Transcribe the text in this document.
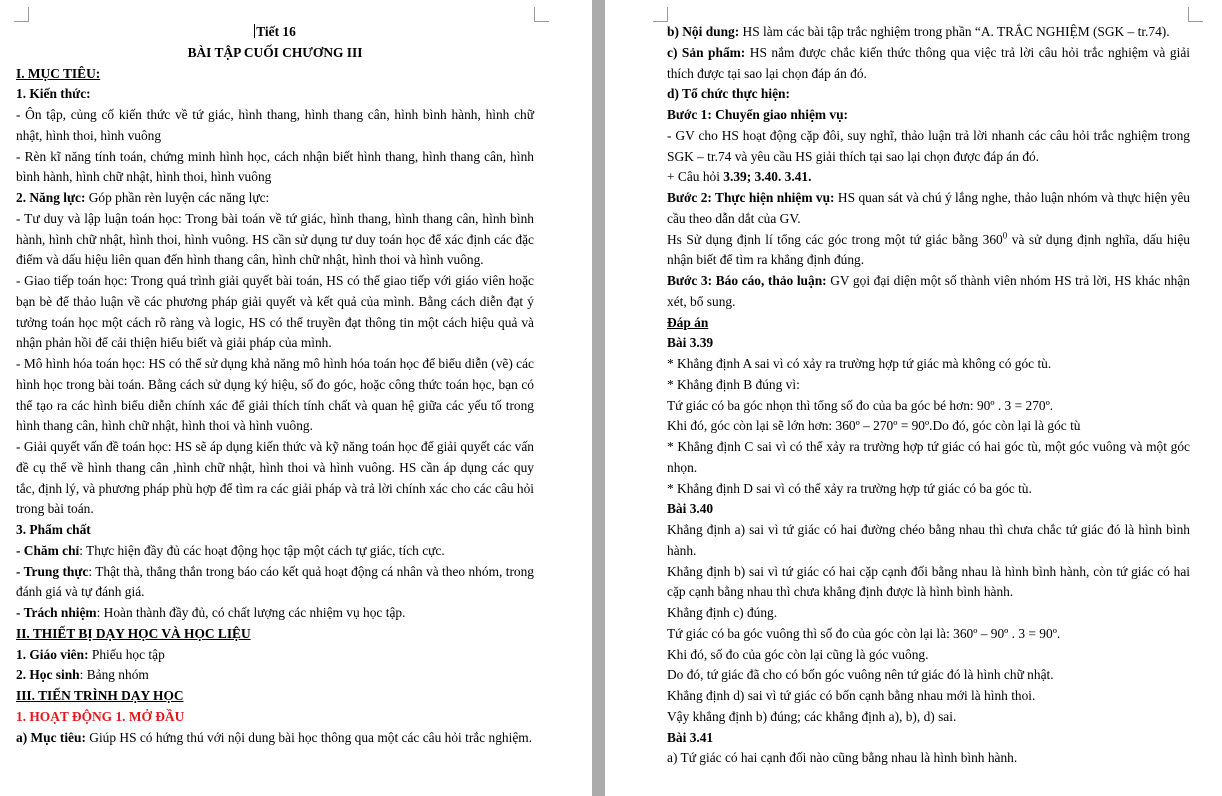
Tiết 16

BÀI TẬP CUỐI CHƯƠNG III

I. MỤC TIÊU:

1. Kiến thức:

- Ôn tập, củng cố kiến thức về tứ giác, hình thang, hình thang cân, hình bình hành, hình chữ nhật, hình thoi, hình vuông

- Rèn kĩ năng tính toán, chứng minh hình học, cách nhận biết hình thang, hình thang cân, hình bình hành, hình chữ nhật, hình thoi, hình vuông

2. Năng lực: Góp phần rèn luyện các năng lực:

- Tư duy và lập luận toán học: Trong bài toán về tứ giác, hình thang, hình thang cân, hình bình hành, hình chữ nhật, hình thoi, hình vuông. HS cần sử dụng tư duy toán học để xác định các đặc điểm và dấu hiệu liên quan đến hình thang cân, hình chữ nhật, hình thoi và hình vuông.

- Giao tiếp toán học: Trong quá trình giải quyết bài toán, HS có thể giao tiếp với giáo viên hoặc bạn bè để thảo luận về các phương pháp giải quyết và kết quả của mình. Bằng cách diễn đạt ý tưởng toán học một cách rõ ràng và logic, HS có thể truyền đạt thông tin một cách hiệu quả và nhận phản hồi để cải thiện hiểu biết và giải pháp của mình.

- Mô hình hóa toán học: HS có thể sử dụng khả năng mô hình hóa toán học để biểu diễn (vẽ) các hình học trong bài toán. Bằng cách sử dụng ký hiệu, số đo góc, hoặc công thức toán học, bạn có thể tạo ra các hình biểu diễn chính xác để giải thích tính chất và quan hệ giữa các yếu tố trong hình thang cân, hình chữ nhật, hình thoi và hình vuông.

- Giải quyết vấn đề toán học: HS sẽ áp dụng kiến thức và kỹ năng toán học để giải quyết các vấn đề cụ thể về hình thang cân ,hình chữ nhật, hình thoi và hình vuông. HS cần áp dụng các quy tắc, định lý, và phương pháp phù hợp để tìm ra các giải pháp và trả lời chính xác cho các câu hỏi trong bài toán.

3. Phẩm chất

- Chăm chỉ: Thực hiện đầy đủ các hoạt động học tập một cách tự giác, tích cực.

- Trung thực: Thật thà, thẳng thắn trong báo cáo kết quả hoạt động cá nhân và theo nhóm, trong đánh giá và tự đánh giá.

- Trách nhiệm: Hoàn thành đầy đủ, có chất lượng các nhiệm vụ học tập.

II. THIẾT BỊ DẠY HỌC VÀ HỌC LIỆU

1. Giáo viên: Phiếu học tập

2. Học sinh: Bảng nhóm

III. TIẾN TRÌNH DẠY HỌC

1. HOẠT ĐỘNG 1. MỞ ĐẦU

a) Mục tiêu: Giúp HS có hứng thú với nội dung bài học thông qua một các câu hỏi trắc nghiệm.

b) Nội dung: HS làm các bài tập trắc nghiệm trong phần “A. TRẮC NGHIỆM (SGK – tr.74).

c) Sản phẩm: HS nắm được chắc kiến thức thông qua việc trả lời câu hỏi trắc nghiệm và giải thích được tại sao lại chọn đáp án đó.

d) Tổ chức thực hiện:

Bước 1: Chuyển giao nhiệm vụ:

- GV cho HS hoạt động cặp đôi, suy nghĩ, thảo luận trả lời nhanh các câu hỏi trắc nghiệm trong SGK – tr.74 và yêu cầu HS giải thích tại sao lại chọn được đáp án đó.

+ Câu hỏi 3.39; 3.40. 3.41.

Bước 2: Thực hiện nhiệm vụ: HS quan sát và chú ý lắng nghe, thảo luận nhóm và thực hiện yêu cầu theo dẫn dắt của GV.

Hs Sử dụng định lí tổng các góc trong một tứ giác bằng $360^0$ và sử dụng định nghĩa, dấu hiệu nhận biết để tìm ra khẳng định đúng.

Bước 3: Báo cáo, thảo luận: GV gọi đại diện một số thành viên nhóm HS trả lời, HS khác nhận xét, bổ sung.

Đáp án

Bài 3.39

* Khẳng định A sai vì có xảy ra trường hợp tứ giác mà không có góc tù.

* Khẳng định B đúng vì:

Tứ giác có ba góc nhọn thì tổng số đo của ba góc bé hơn: 90º . 3 = 270º.

Khi đó, góc còn lại sẽ lớn hơn: 360º – 270º = 90º.Do đó, góc còn lại là góc tù

* Khẳng định C sai vì có thể xảy ra trường hợp tứ giác có hai góc tù, một góc vuông và một góc nhọn.

* Khẳng định D sai vì có thể xảy ra trường hợp tứ giác có ba góc tù.

Bài 3.40

Khẳng định a) sai vì tứ giác có hai đường chéo bằng nhau thì chưa chắc tứ giác đó là hình bình hành.

Khẳng định b) sai vì tứ giác có hai cặp cạnh đối bằng nhau là hình bình hành, còn tứ giác có hai cặp cạnh bằng nhau thì chưa khẳng định được là hình bình hành.

Khẳng định c) đúng.

Tứ giác có ba góc vuông thì số đo của góc còn lại là: 360º – 90º . 3 = 90º.

Khi đó, số đo của góc còn lại cũng là góc vuông.

Do đó, tứ giác đã cho có bốn góc vuông nên tứ giác đó là hình chữ nhật.

Khẳng định d) sai vì tứ giác có bốn cạnh bằng nhau mới là hình thoi.

Vậy khẳng định b) đúng; các khẳng định a), b), d) sai.

Bài 3.41

a) Tứ giác có hai cạnh đối nào cũng bằng nhau là hình bình hành.
